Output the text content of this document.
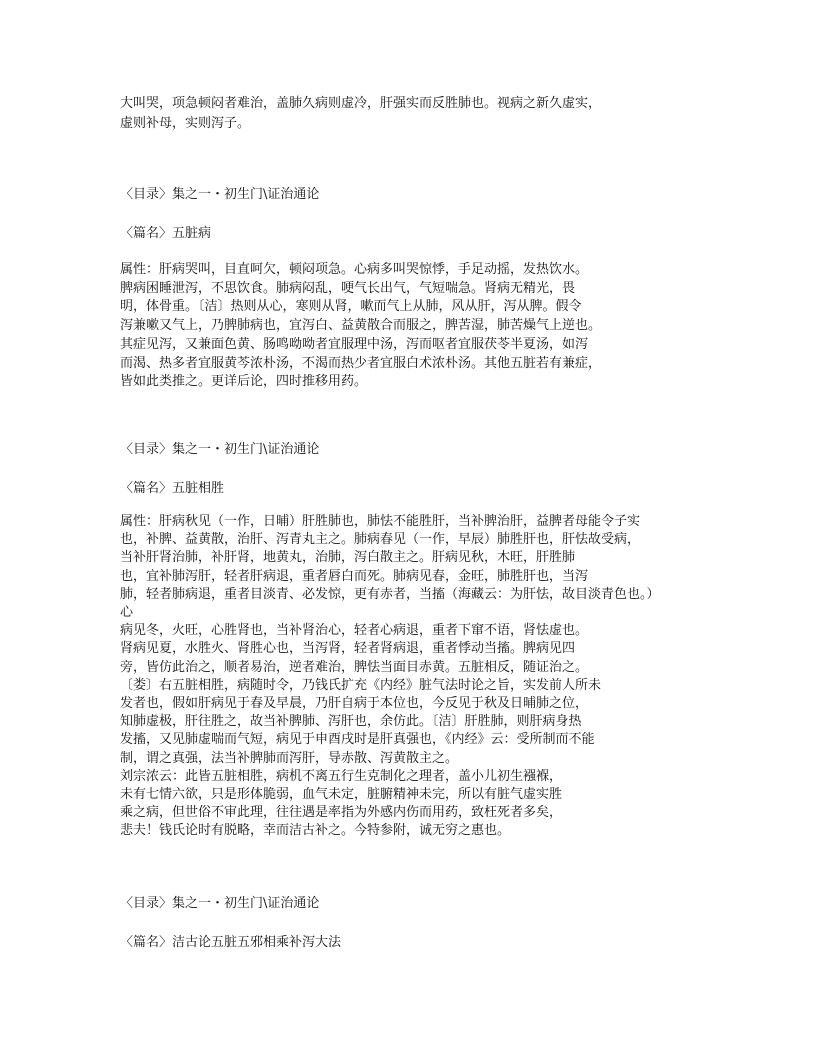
大叫哭，项急顿闷者难治，盖肺久病则虚冷，肝强实而反胜肺也。视病之新久虚实，
虚则补母，实则泻子。
〈目录〉集之一・初生门\证治通论
〈篇名〉五脏病
属性：肝病哭叫，目直呵欠，顿闷项急。心病多叫哭惊悸，手足动摇，发热饮水。
脾病困睡泄泻，不思饮食。肺病闷乱，哽气长出气，气短喘急。肾病无精光，畏
明，体骨重。〔洁〕热则从心，寒则从肾，嗽而气上从肺，风从肝，泻从脾。假令
泻兼嗽又气上，乃脾肺病也，宜泻白、益黄散合而服之，脾苦湿，肺苦燥气上逆也。
其症见泻，又兼面色黄、肠鸣呦呦者宜服理中汤，泻而呕者宜服茯苓半夏汤，如泻
而渴、热多者宜服黄芩浓朴汤，不渴而热少者宜服白术浓朴汤。其他五脏若有兼症，
皆如此类推之。更详后论，四时推移用药。
〈目录〉集之一・初生门\证治通论
〈篇名〉五脏相胜
属性：肝病秋见（一作，日晡）肝胜肺也，肺怯不能胜肝，当补脾治肝，益脾者母能令子实
也，补脾、益黄散，治肝、泻青丸主之。肺病春见（一作，早辰）肺胜肝也，肝怯故受病，
当补肝肾治肺，补肝肾，地黄丸，治肺，泻白散主之。肝病见秋，木旺，肝胜肺
也，宜补肺泻肝，轻者肝病退，重者唇白而死。肺病见春，金旺，肺胜肝也，当泻
肺，轻者肺病退，重者目淡青、必发惊，更有赤者，当搐（海藏云：为肝怯，故目淡青色也。）
心
病见冬，火旺，心胜肾也，当补肾治心，轻者心病退，重者下窜不语，肾怯虚也。
肾病见夏，水胜火、肾胜心也，当泻肾，轻者肾病退，重者悸动当搐。脾病见四
旁，皆仿此治之，顺者易治，逆者难治，脾怯当面目赤黄。五脏相反，随证治之。
〔娄〕右五脏相胜，病随时令，乃钱氏扩充《内经》脏气法时论之旨，实发前人所未
发者也，假如肝病见于春及早晨，乃肝自病于本位也，今反见于秋及日晡肺之位，
知肺虚极，肝往胜之，故当补脾肺、泻肝也，余仿此。〔洁〕肝胜肺，则肝病身热
发搐，又见肺虚喘而气短，病见于申酉戌时是肝真强也，《内经》云：受所制而不能
制，谓之真强，法当补脾肺而泻肝，导赤散、泻黄散主之。
刘宗浓云：此皆五脏相胜，病机不离五行生克制化之理者，盖小儿初生襁褓，
未有七情六欲，只是形体脆弱，血气未定，脏腑精神未完，所以有脏气虚实胜
乘之病，但世俗不审此理，往往遇是率指为外感内伤而用药，致枉死者多矣，
悲夫！钱氏论时有脱略，幸而洁古补之。今特参附，诚无穷之惠也。
〈目录〉集之一・初生门\证治通论
〈篇名〉洁古论五脏五邪相乘补泻大法
